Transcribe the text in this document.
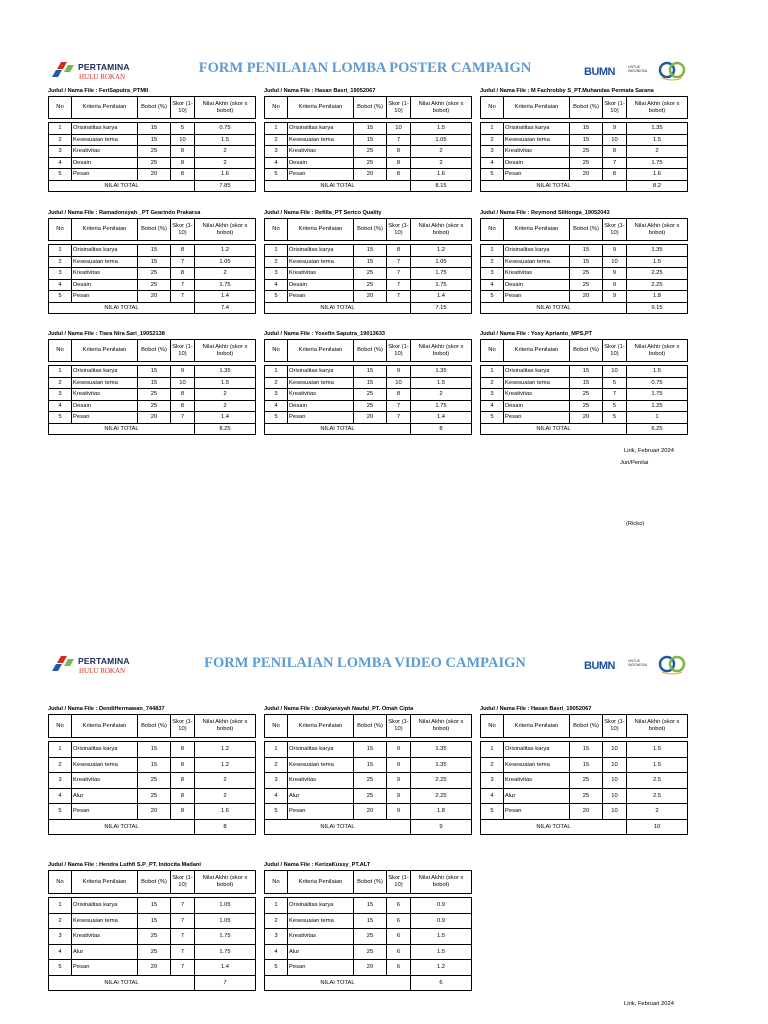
PERTAMINA
HULU ROKAN
FORM PENILAIAN LOMBA POSTER CAMPAIGN	BUMN	UNTUK INDONESIA
Judul / Nama File : FeriSaputra_PTMII
No	Kriteria Penilaian	Bobot (%)	Skor (1-10)	Nilai Akhir (skor x bobot)

1	Orisinalitas karya	15	5	0.75
2	Kesesuaian tema	15	10	1.5
3	Kreativitas	25	8	2
4	Desain	25	8	2
5	Pesan	20	8	1.6
NILAI TOTAL				7.85
Judul / Nama File : Hasan Basri_19052067
No	Kriteria Penilaian	Bobot (%)	Skor (1-10)	Nilai Akhir (skor x bobot)

1	Orisinalitas karya	15	10	1.5
2	Kesesuaian tema	15	7	1.05
3	Kreativitas	25	8	2
4	Desain	25	8	2
5	Pesan	20	8	1.6
NILAI TOTAL				8.15
Judul / Nama File : M Fachrobby S_PT.Muhandas Permata Sarana
No	Kriteria Penilaian	Bobot (%)	Skor (1-10)	Nilai Akhir (skor x bobot)

1	Orisinalitas karya	15	9	1.35
2	Kesesuaian tema	15	10	1.5
3	Kreativitas	25	8	2
4	Desain	25	7	1.75
5	Pesan	20	8	1.6
NILAI TOTAL				8.2
Judul / Nama File : Ramadonsyah _PT Gearindo Prakarsa
No	Kriteria Penilaian	Bobot (%)	Skor (1-10)	Nilai Akhir (skor x bobot)

1	Orisinalitas karya	15	8	1.2
2	Kesesuaian tema	15	7	1.05
3	Kreativitas	25	8	2
4	Desain	25	7	1.75
5	Pesan	20	7	1.4
NILAI TOTAL				7.4
Judul / Nama File : Refilla_PT Sertco Quality
No	Kriteria Penilaian	Bobot (%)	Skor (1-10)	Nilai Akhir (skor x bobot)

1	Orisinalitas karya	15	8	1.2
2	Kesesuaian tema	15	7	1.05
3	Kreativitas	25	7	1.75
4	Desain	25	7	1.75
5	Pesan	20	7	1.4
NILAI TOTAL				7.15
Judul / Nama File : Reymond Silitonga_19052043
No	Kriteria Penilaian	Bobot (%)	Skor (1-10)	Nilai Akhir (skor x bobot)

1	Orisinalitas karya	15	9	1.35
2	Kesesuaian tema	15	10	1.5
3	Kreativitas	25	9	2.25
4	Desain	25	9	2.25
5	Pesan	20	9	1.8
NILAI TOTAL				9.15
Judul / Nama File : Tiara Nira Sari_19052138
No	Kriteria Penilaian	Bobot (%)	Skor (1-10)	Nilai Akhir (skor x bobot)

1	Orisinalitas karya	15	9	1.35
2	Kesesuaian tema	15	10	1.5
3	Kreativitas	25	8	2
4	Desain	25	8	2
5	Pesan	20	7	1.4
NILAI TOTAL				8.25
Judul / Nama File : Yosefin Saputra_19013633
No	Kriteria Penilaian	Bobot (%)	Skor (1-10)	Nilai Akhir (skor x bobot)

1	Orisinalitas karya	15	9	1.35
2	Kesesuaian tema	15	10	1.5
3	Kreativitas	25	8	2
4	Desain	25	7	1.75
5	Pesan	20	7	1.4
NILAI TOTAL				8
Judul / Nama File : Yosy Aprianto_MPS,PT
No	Kriteria Penilaian	Bobot (%)	Skor (1-10)	Nilai Akhir (skor x bobot)

1	Orisinalitas karya	15	10	1.5
2	Kesesuaian tema	15	5	0.75
3	Kreativitas	25	7	1.75
4	Desain	25	5	1.25
5	Pesan	20	5	1
NILAI TOTAL				6.25
Lirik, Februari 2024
Juri/Penilai
(Ricko)
PERTAMINA
HULU ROKAN	FORM PENILAIAN LOMBA VIDEO CAMPAIGN	BUMN	UNTUK INDONESIA
Judul / Nama File : DendiHermawan_744837
No	Kriteria Penilaian	Bobot (%)	Skor (1-10)	Nilai Akhir (skor x bobot)

1	Orisinalitas karya	15	8	1.2
2	Kesesuaian tema	15	8	1.2
3	Kreativitas	25	8	2
4	Alur	25	8	2
5	Pesan	20	8	1.6
NILAI TOTAL				8
Judul / Nama File : Dzakyansyah Naufal_PT. Omah Cipta
No	Kriteria Penilaian	Bobot (%)	Skor (1-10)	Nilai Akhir (skor x bobot)

1	Orisinalitas karya	15	9	1.35
2	Kesesuaian tema	15	9	1.35
3	Kreativitas	25	9	2.25
4	Alur	25	9	2.25
5	Pesan	20	9	1.8
NILAI TOTAL				9
Judul / Nama File : Hasan Basri_19052067
No	Kriteria Penilaian	Bobot (%)	Skor (1-10)	Nilai Akhir (skor x bobot)

1	Orisinalitas karya	15	10	1.5
2	Kesesuaian tema	15	10	1.5
3	Kreativitas	25	10	2.5
4	Alur	25	10	2.5
5	Pesan	20	10	2
NILAI TOTAL				10
Judul / Nama File : Hendra Luthfi S.P_PT. Indocita Madani
No	Kriteria Penilaian	Bobot (%)	Skor (1-10)	Nilai Akhir (skor x bobot)

1	Orisinalitas karya	15	7	1.05
2	Kesesuaian tema	15	7	1.05
3	Kreativitas	25	7	1.75
4	Alur	25	7	1.75
5	Pesan	20	7	1.4
NILAI TOTAL				7
Judul / Nama File : KerizaKussy_PT.ALT
No	Kriteria Penilaian	Bobot (%)	Skor (1-10)	Nilai Akhir (skor x bobot)

1	Orisinalitas karya	15	6	0.9
2	Kesesuaian tema	15	6	0.9
3	Kreativitas	25	6	1.5
4	Alur	25	6	1.5
5	Pesan	20	6	1.2
NILAI TOTAL				6
Lirik, Februari 2024
